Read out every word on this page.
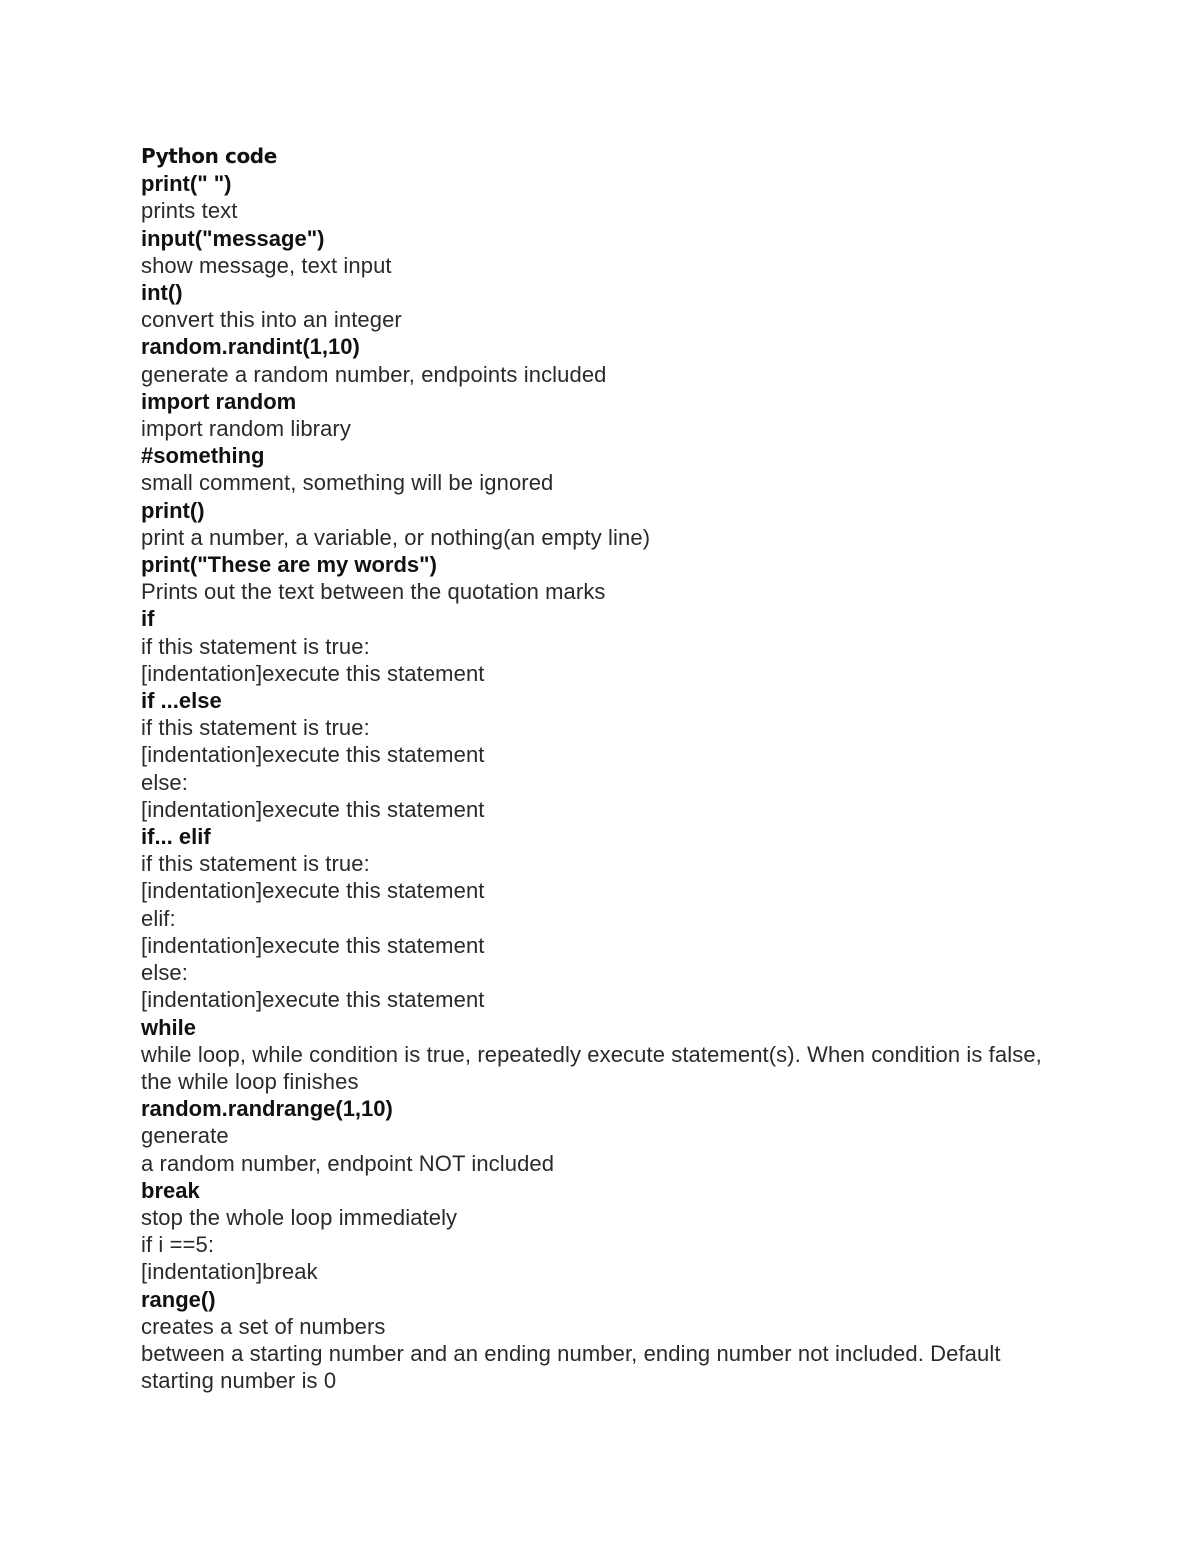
Python code
print(" ")
prints text
input("message")
show message, text input
int()
convert this into an integer
random.randint(1,10)
generate a random number, endpoints included
import random
import random library
#something
small comment, something will be ignored
print()
print a number, a variable, or nothing(an empty line)
print("These are my words")
Prints out the text between the quotation marks
if
if this statement is true:
[indentation]execute this statement
if ...else
if this statement is true:
[indentation]execute this statement
else:
[indentation]execute this statement
if... elif
if this statement is true:
[indentation]execute this statement
elif:
[indentation]execute this statement
else:
[indentation]execute this statement
while
while loop, while condition is true, repeatedly execute statement(s). When condition is false, the while loop finishes
random.randrange(1,10)
generate
a random number, endpoint NOT included
break
stop the whole loop immediately
if i ==5:
[indentation]break
range()
creates a set of numbers
between a starting number and an ending number, ending number not included. Default starting number is 0
